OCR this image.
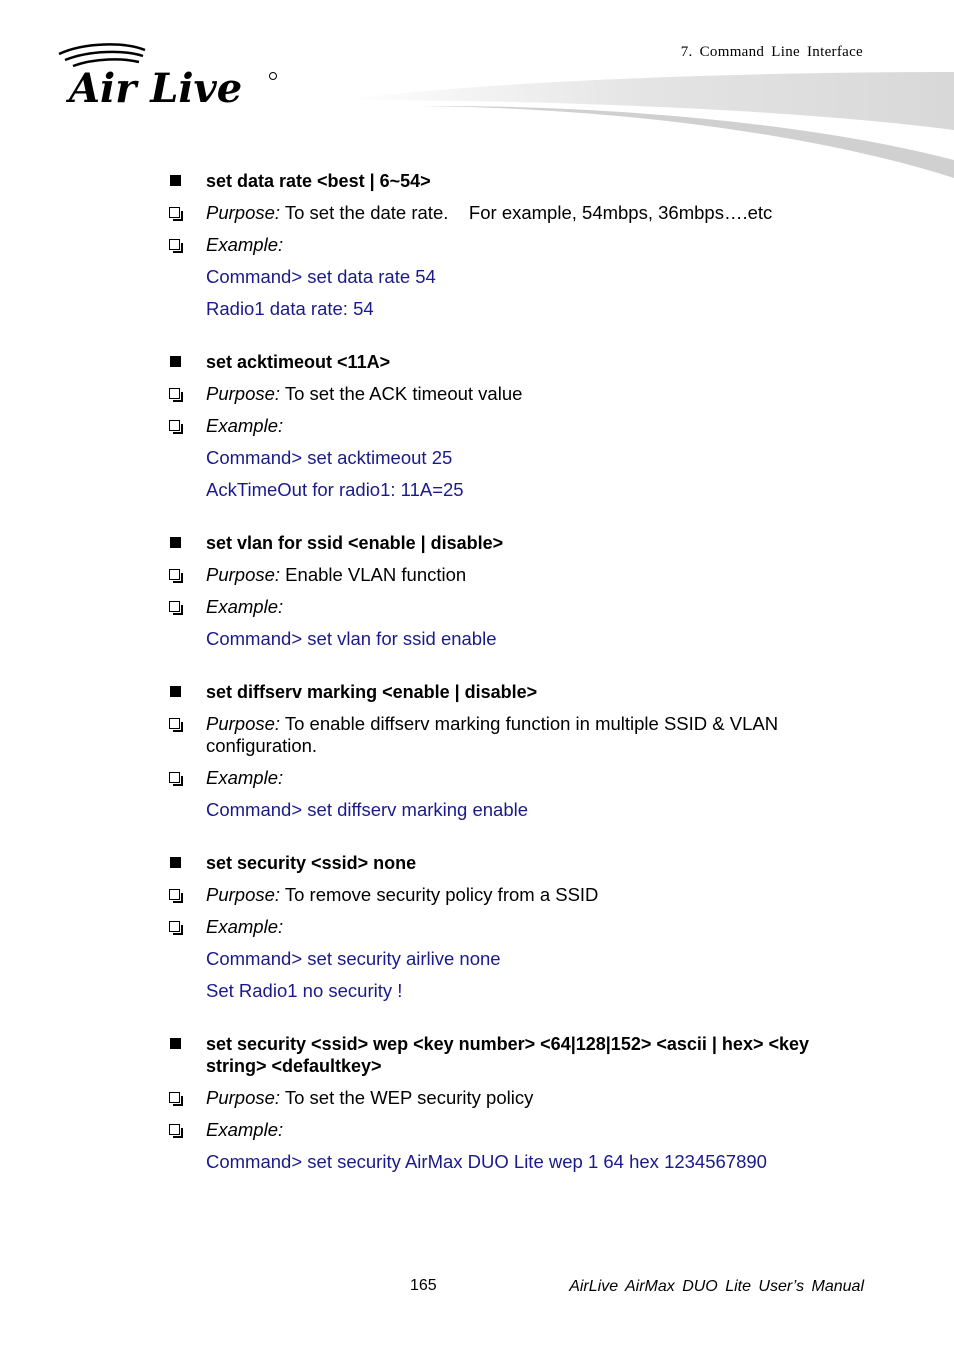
Air Live
7. Command Line Interface
set data rate <best | 6~54>
Purpose: To set the date rate.    For example, 54mbps, 36mbps….etc
Example:
Command> set data rate 54
Radio1 data rate: 54
set acktimeout <11A>
Purpose: To set the ACK timeout value
Example:
Command> set acktimeout 25
AckTimeOut for radio1: 11A=25
set vlan for ssid <enable | disable>
Purpose: Enable VLAN function
Example:
Command> set vlan for ssid enable
set diffserv marking <enable | disable>
Purpose: To enable diffserv marking function in multiple SSID & VLAN configuration.
Example:
Command> set diffserv marking enable
set security <ssid> none
Purpose: To remove security policy from a SSID
Example:
Command> set security airlive none
Set Radio1 no security !
set security <ssid> wep <key number> <64|128|152> <ascii | hex> <key string> <defaultkey>
Purpose: To set the WEP security policy
Example:
Command> set security AirMax DUO Lite wep 1 64 hex 1234567890
165	AirLive AirMax DUO Lite User’s Manual
